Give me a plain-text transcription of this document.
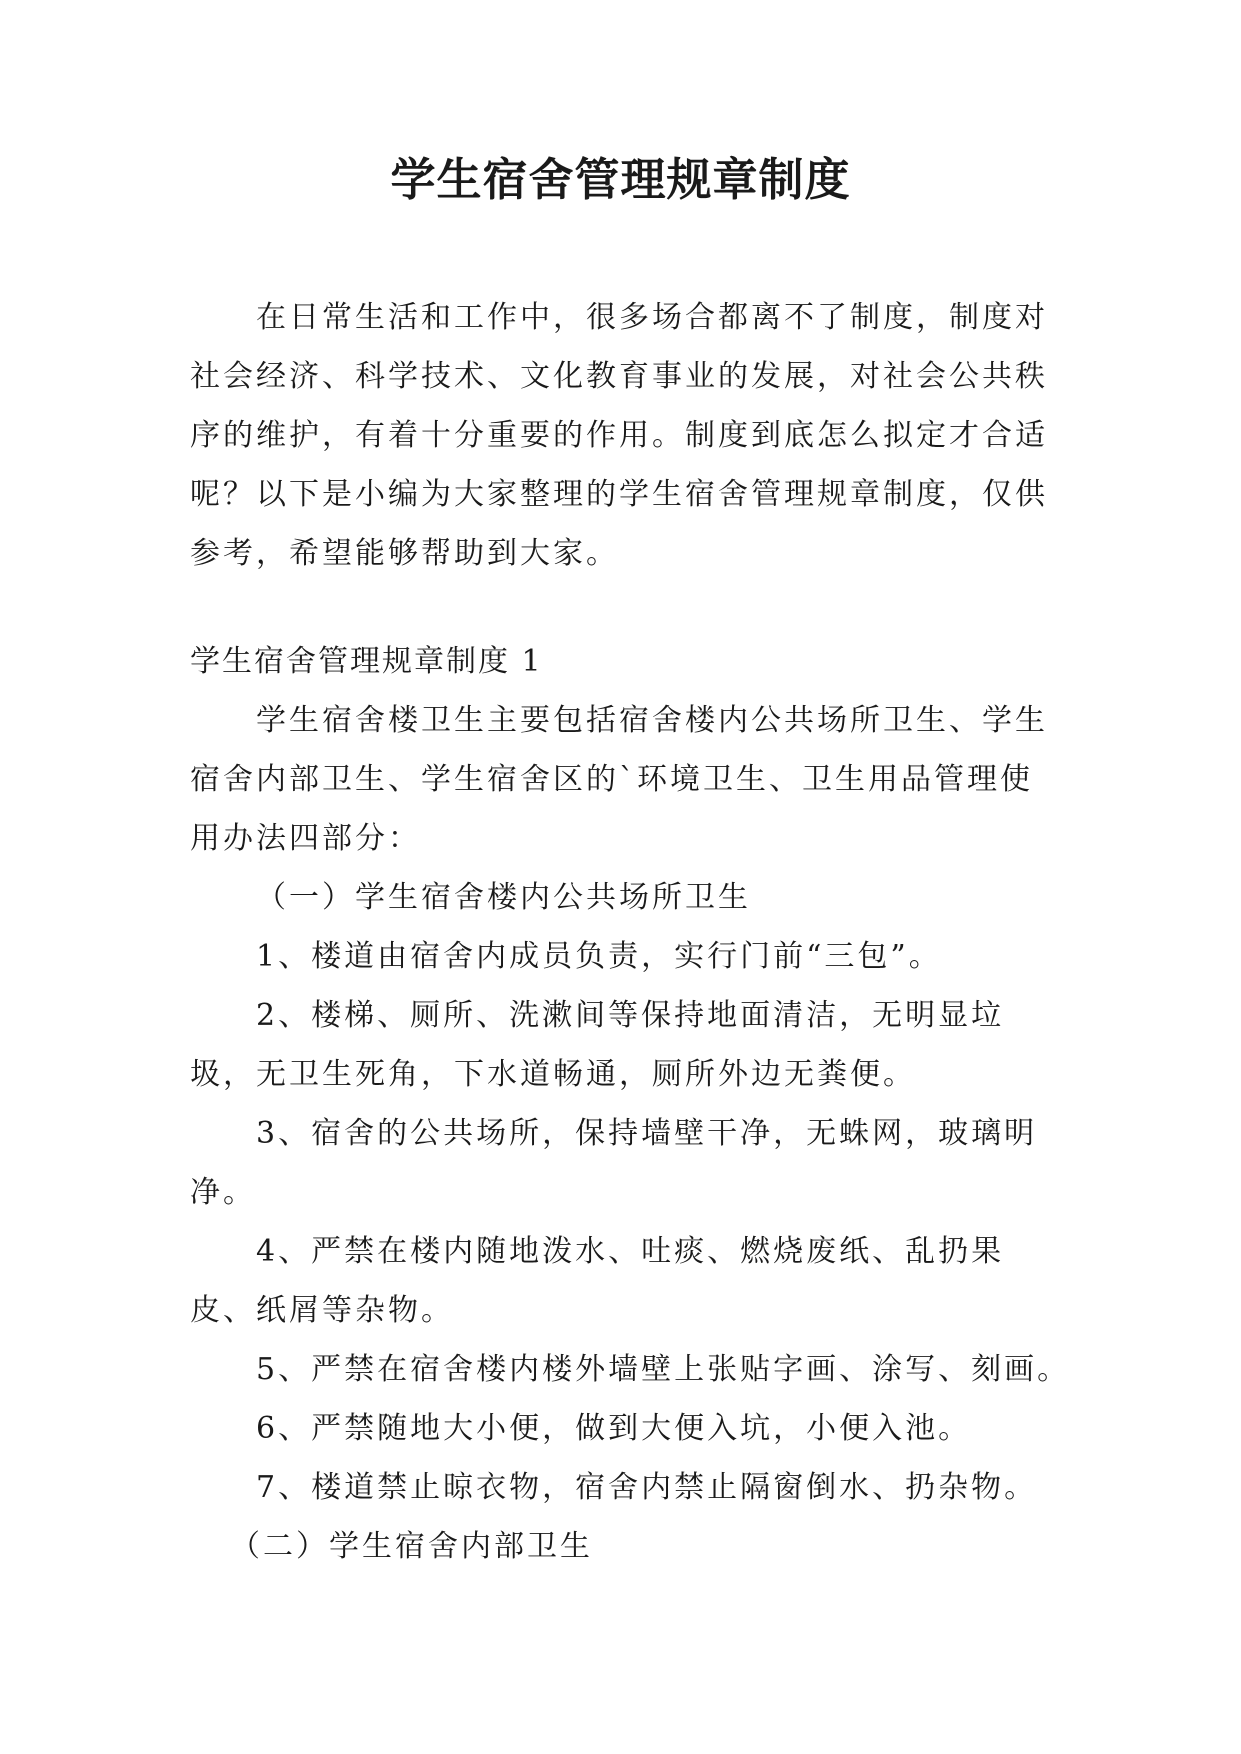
学生宿舍管理规章制度
在日常生活和工作中，很多场合都离不了制度，制度对社会经济、科学技术、文化教育事业的发展，对社会公共秩序的维护，有着十分重要的作用。制度到底怎么拟定才合适呢？以下是小编为大家整理的学生宿舍管理规章制度，仅供参考，希望能够帮助到大家。
学生宿舍管理规章制度 1

学生宿舍楼卫生主要包括宿舍楼内公共场所卫生、学生宿舍内部卫生、学生宿舍区的`环境卫生、卫生用品管理使用办法四部分：

（一）学生宿舍楼内公共场所卫生

1、楼道由宿舍内成员负责，实行门前“三包”。

2、楼梯、厕所、洗漱间等保持地面清洁，无明显垃圾，无卫生死角，下水道畅通，厕所外边无粪便。

3、宿舍的公共场所，保持墙壁干净，无蛛网，玻璃明净。

4、严禁在楼内随地泼水、吐痰、燃烧废纸、乱扔果皮、纸屑等杂物。

5、严禁在宿舍楼内楼外墙壁上张贴字画、涂写、刻画。

6、严禁随地大小便，做到大便入坑，小便入池。

7、楼道禁止晾衣物，宿舍内禁止隔窗倒水、扔杂物。

（二）学生宿舍内部卫生
